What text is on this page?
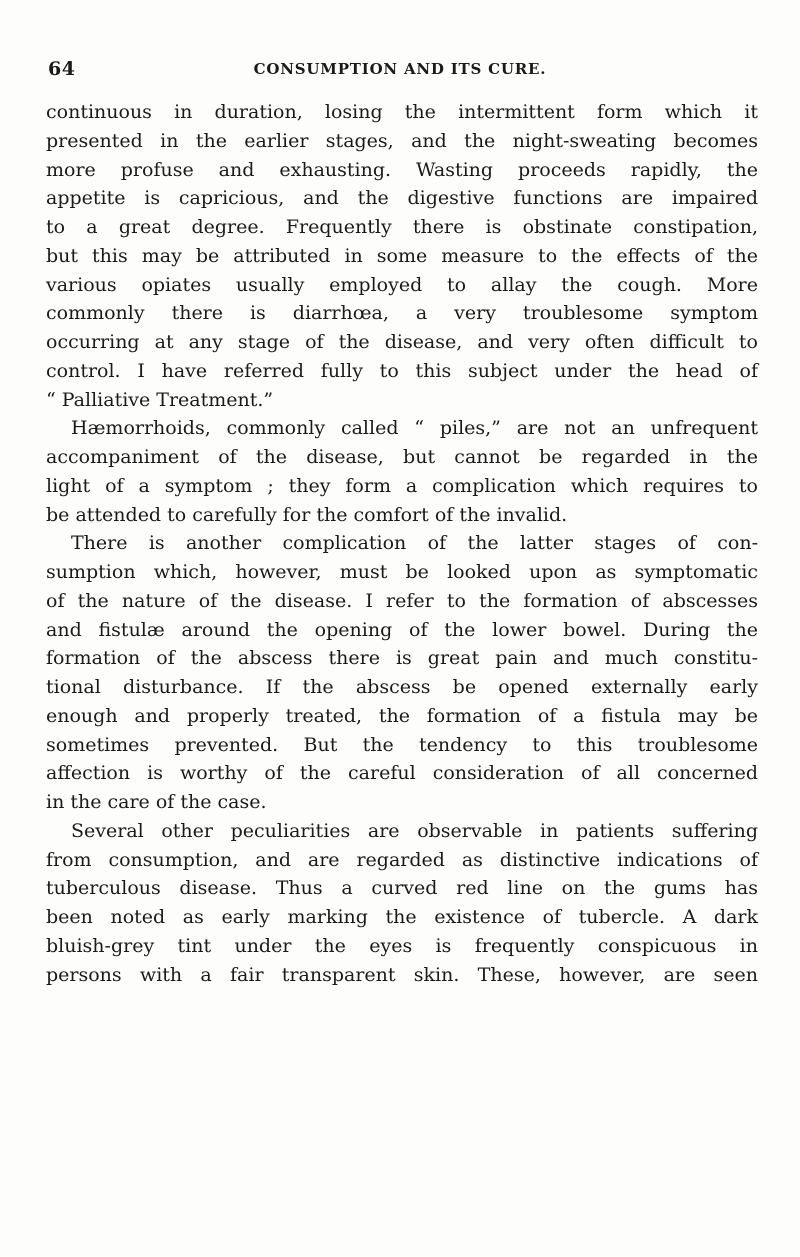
64	CONSUMPTION AND ITS CURE.
continuous in duration, losing the intermittent form which it
presented in the earlier stages, and the night-sweating becomes
more profuse and exhausting. Wasting proceeds rapidly, the
appetite is capricious, and the digestive functions are impaired
to a great degree. Frequently there is obstinate constipation,
but this may be attributed in some measure to the effects of the
various opiates usually employed to allay the cough. More
commonly there is diarrhœa, a very troublesome symptom
occurring at any stage of the disease, and very often difficult to
control. I have referred fully to this subject under the head of
“ Palliative Treatment.”
Hæmorrhoids, commonly called “ piles,” are not an unfrequent
accompaniment of the disease, but cannot be regarded in the
light of a symptom ; they form a complication which requires to
be attended to carefully for the comfort of the invalid.
There is another complication of the latter stages of con-
sumption which, however, must be looked upon as symptomatic
of the nature of the disease. I refer to the formation of abscesses
and fistulæ around the opening of the lower bowel. During the
formation of the abscess there is great pain and much constitu-
tional disturbance. If the abscess be opened externally early
enough and properly treated, the formation of a fistula may be
sometimes prevented. But the tendency to this troublesome
affection is worthy of the careful consideration of all concerned
in the care of the case.
Several other peculiarities are observable in patients suffering
from consumption, and are regarded as distinctive indications of
tuberculous disease. Thus a curved red line on the gums has
been noted as early marking the existence of tubercle. A dark
bluish-grey tint under the eyes is frequently conspicuous in
persons with a fair transparent skin. These, however, are seen
